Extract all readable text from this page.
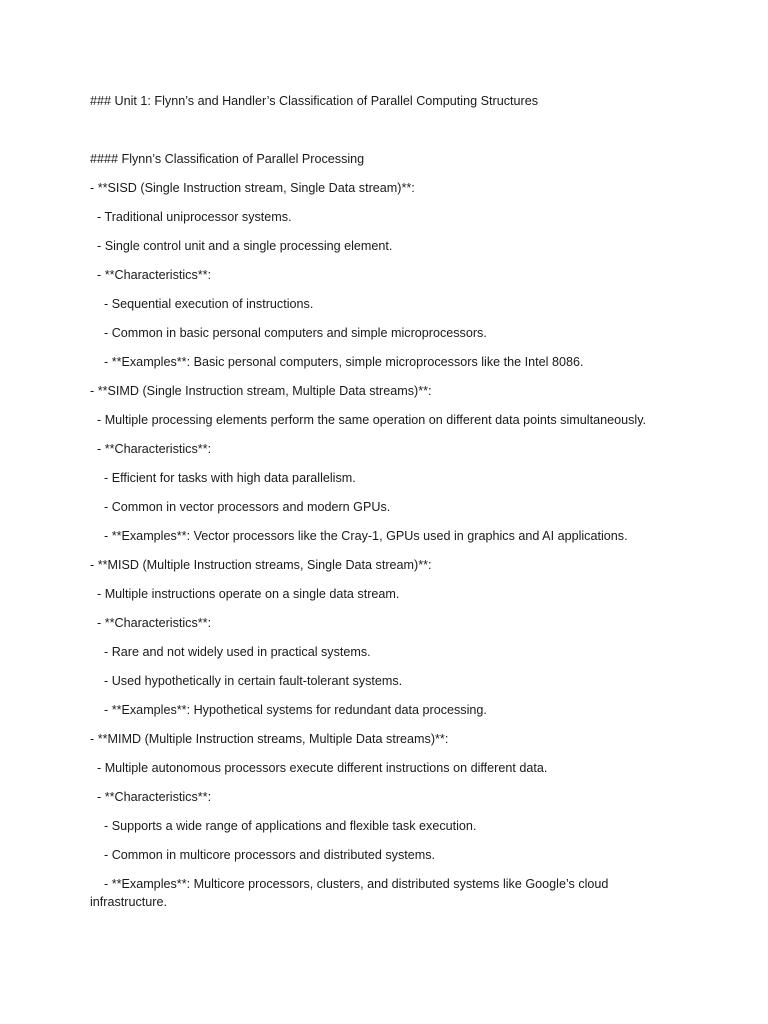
### Unit 1: Flynn’s and Handler’s Classification of Parallel Computing Structures
#### Flynn’s Classification of Parallel Processing
- **SISD (Single Instruction stream, Single Data stream)**:
- Traditional uniprocessor systems.
- Single control unit and a single processing element.
- **Characteristics**:
- Sequential execution of instructions.
- Common in basic personal computers and simple microprocessors.
- **Examples**: Basic personal computers, simple microprocessors like the Intel 8086.
- **SIMD (Single Instruction stream, Multiple Data streams)**:
- Multiple processing elements perform the same operation on different data points simultaneously.
- **Characteristics**:
- Efficient for tasks with high data parallelism.
- Common in vector processors and modern GPUs.
- **Examples**: Vector processors like the Cray-1, GPUs used in graphics and AI applications.
- **MISD (Multiple Instruction streams, Single Data stream)**:
- Multiple instructions operate on a single data stream.
- **Characteristics**:
- Rare and not widely used in practical systems.
- Used hypothetically in certain fault-tolerant systems.
- **Examples**: Hypothetical systems for redundant data processing.
- **MIMD (Multiple Instruction streams, Multiple Data streams)**:
- Multiple autonomous processors execute different instructions on different data.
- **Characteristics**:
- Supports a wide range of applications and flexible task execution.
- Common in multicore processors and distributed systems.
- **Examples**: Multicore processors, clusters, and distributed systems like Google’s cloud infrastructure.
